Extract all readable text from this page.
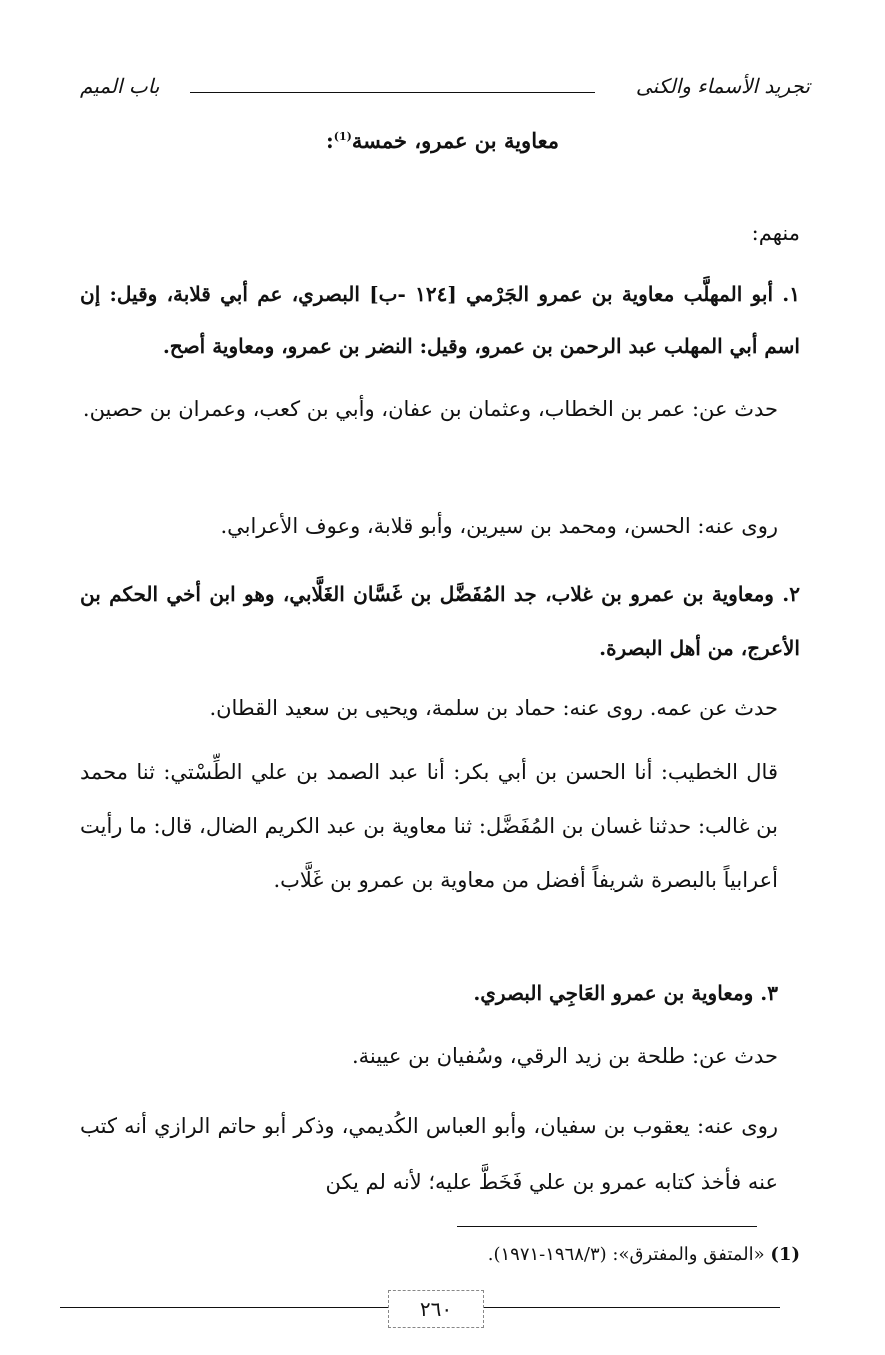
تجريد الأسماء والكنى
باب الميم
معاوية بن عمرو، خمسة$^{(1)}$:
منهم:
١. أبو المهلَّب معاوية بن عمرو الجَرْمي [١٢٤ -ب] البصري، عم أبي قلابة، وقيل: إن اسم أبي المهلب عبد الرحمن بن عمرو، وقيل: النضر بن عمرو، ومعاوية أصح.
حدث عن: عمر بن الخطاب، وعثمان بن عفان، وأبي بن كعب، وعمران بن حصين.
روى عنه: الحسن، ومحمد بن سيرين، وأبو قلابة، وعوف الأعرابي.
٢. ومعاوية بن عمرو بن غلاب، جد المُفَضَّل بن غَسَّان الغَلَّابي، وهو ابن أخي الحكم بن الأعرج، من أهل البصرة.
حدث عن عمه. روى عنه: حماد بن سلمة، ويحيى بن سعيد القطان.
قال الخطيب: أنا الحسن بن أبي بكر: أنا عبد الصمد بن علي الطِّسْتي: ثنا محمد بن غالب: حدثنا غسان بن المُفَضَّل: ثنا معاوية بن عبد الكريم الضال، قال: ما رأيت أعرابياً بالبصرة شريفاً أفضل من معاوية بن عمرو بن غَلَّاب.
٣. ومعاوية بن عمرو العَاجِي البصري.
حدث عن: طلحة بن زيد الرقي، وسُفيان بن عيينة.
روى عنه: يعقوب بن سفيان، وأبو العباس الكُديمي، وذكر أبو حاتم الرازي أنه كتب عنه فأخذ كتابه عمرو بن علي فَخَطَّ عليه؛ لأنه لم يكن
(1) «المتفق والمفترق»: (١٩٦٨/٣-١٩٧١).
٢٦٠
